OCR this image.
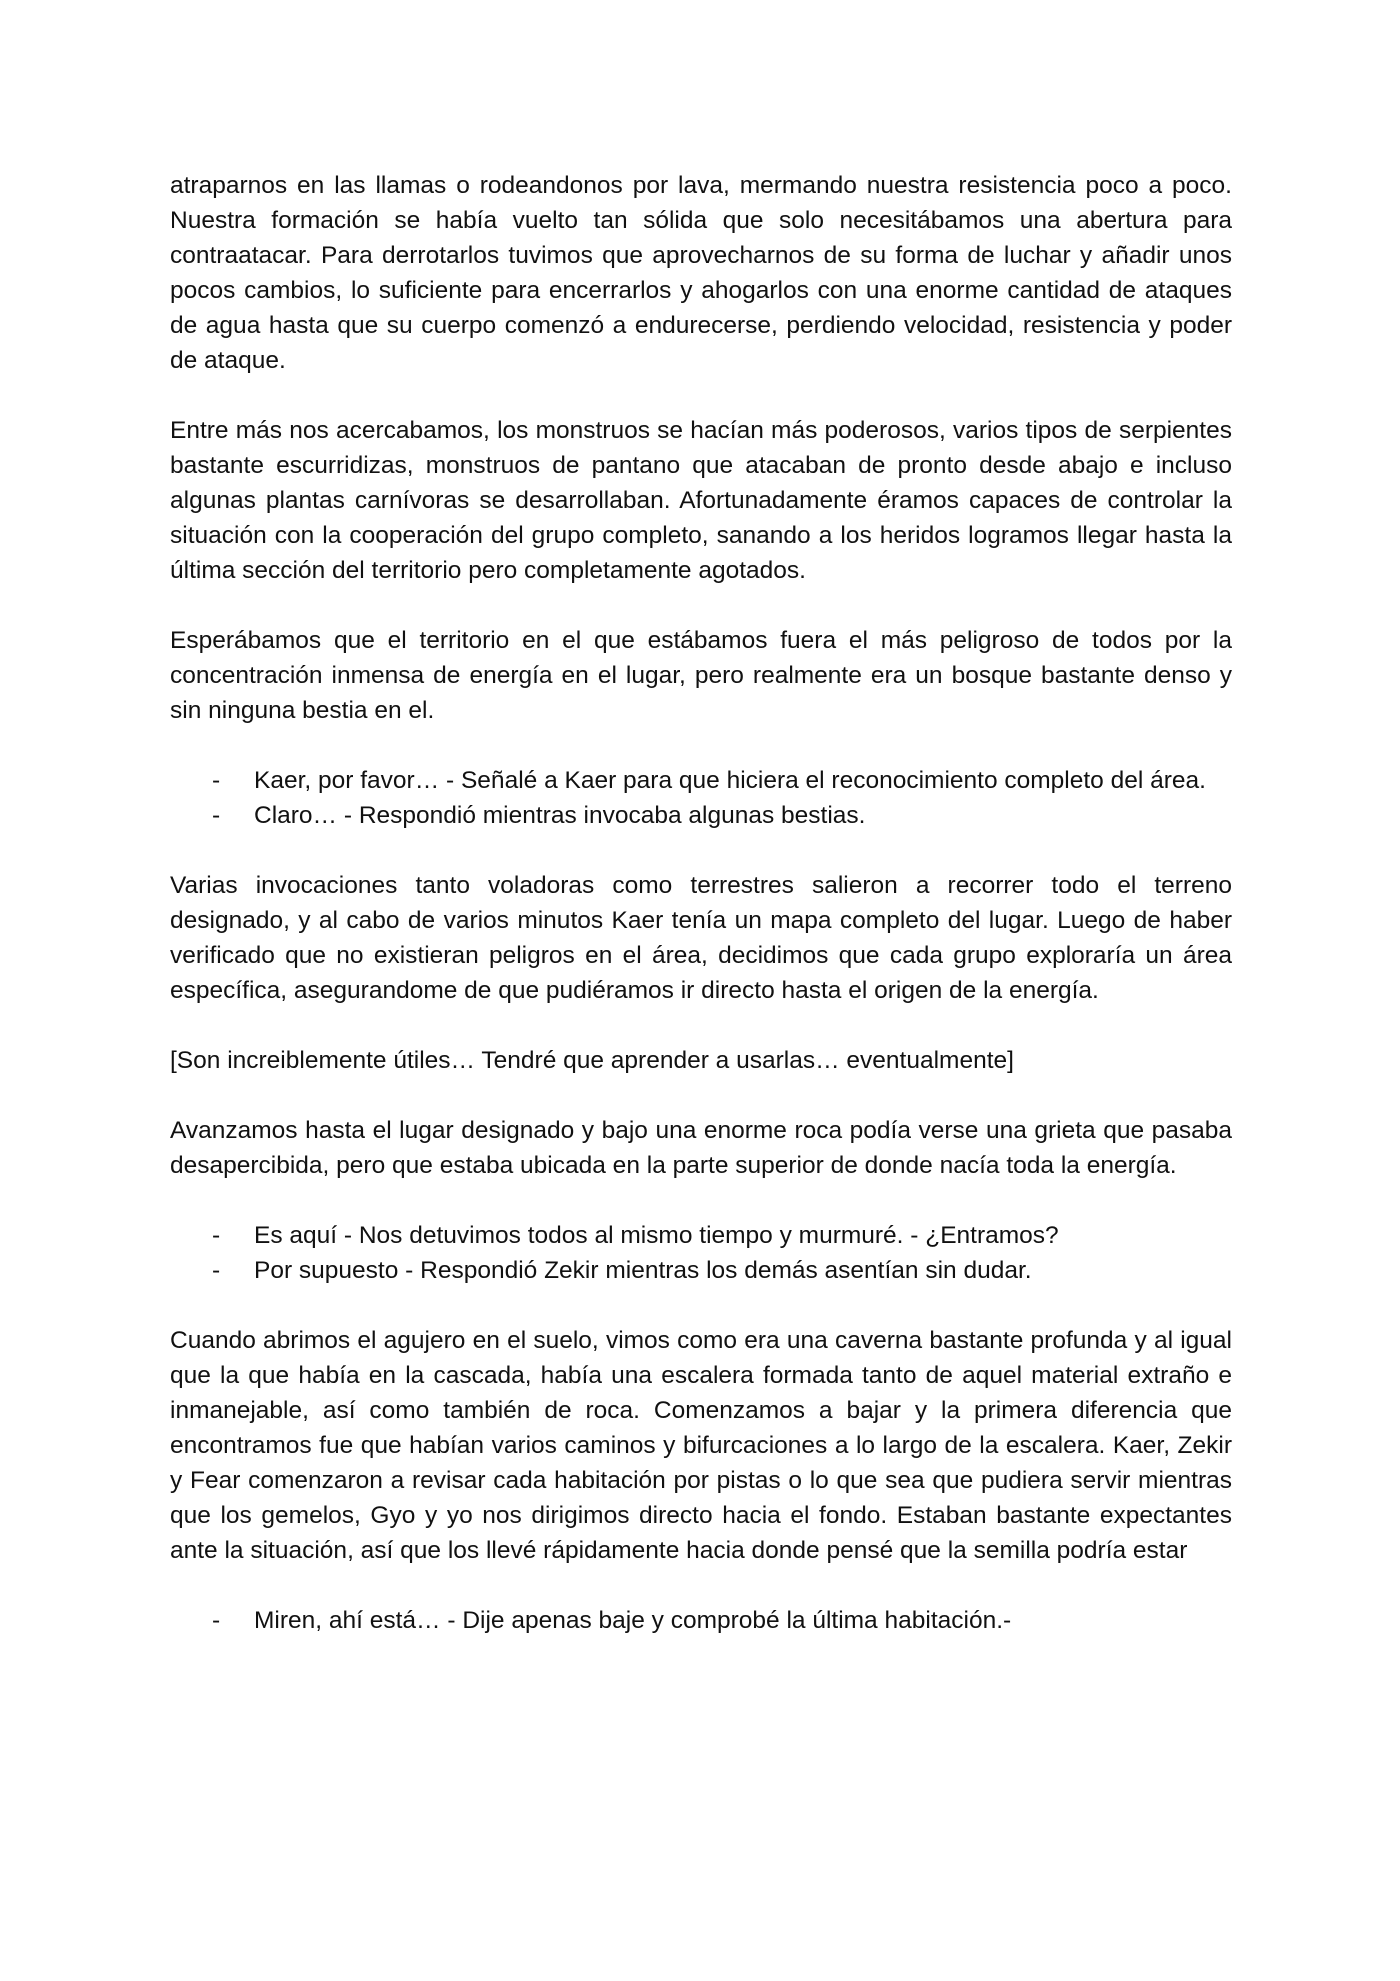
atraparnos en las llamas o rodeandonos por lava, mermando nuestra resistencia poco a poco. Nuestra formación se había vuelto tan sólida que solo necesitábamos una abertura para contraatacar. Para derrotarlos tuvimos que aprovecharnos de su forma de luchar y añadir unos pocos cambios, lo suficiente para encerrarlos y ahogarlos con una enorme cantidad de ataques de agua hasta que su cuerpo comenzó a endurecerse, perdiendo velocidad, resistencia y poder de ataque.

Entre más nos acercabamos, los monstruos se hacían más poderosos, varios tipos de serpientes bastante escurridizas, monstruos de pantano que atacaban de pronto desde abajo e incluso algunas plantas carnívoras se desarrollaban. Afortunadamente éramos capaces de controlar la situación con la cooperación del grupo completo, sanando a los heridos logramos llegar hasta la última sección del territorio pero completamente agotados.

Esperábamos que el territorio en el que estábamos fuera el más peligroso de todos por la concentración inmensa de energía en el lugar, pero realmente era un bosque bastante denso y sin ninguna bestia en el.

- Kaer, por favor… - Señalé a Kaer para que hiciera el reconocimiento completo del área.
- Claro… - Respondió mientras invocaba algunas bestias.

Varias invocaciones tanto voladoras como terrestres salieron a recorrer todo el terreno designado, y al cabo de varios minutos Kaer tenía un mapa completo del lugar. Luego de haber verificado que no existieran peligros en el área, decidimos que cada grupo exploraría un área específica, asegurandome de que pudiéramos ir directo hasta el origen de la energía.

[Son increiblemente útiles… Tendré que aprender a usarlas… eventualmente]

Avanzamos hasta el lugar designado y bajo una enorme roca podía verse una grieta que pasaba desapercibida, pero que estaba ubicada en la parte superior de donde nacía toda la energía.

- Es aquí - Nos detuvimos todos al mismo tiempo y murmuré. - ¿Entramos?
- Por supuesto - Respondió Zekir mientras los demás asentían sin dudar.

Cuando abrimos el agujero en el suelo, vimos como era una caverna bastante profunda y al igual que la que había en la cascada, había una escalera formada tanto de aquel material extraño e inmanejable, así como también de roca. Comenzamos a bajar y la primera diferencia que encontramos fue que habían varios caminos y bifurcaciones a lo largo de la escalera. Kaer, Zekir y Fear comenzaron a revisar cada habitación por pistas o lo que sea que pudiera servir mientras que los gemelos, Gyo y yo nos dirigimos directo hacia el fondo. Estaban bastante expectantes ante la situación, así que los llevé rápidamente hacia donde pensé que la semilla podría estar

- Miren, ahí está… - Dije apenas baje y comprobé la última habitación.-
